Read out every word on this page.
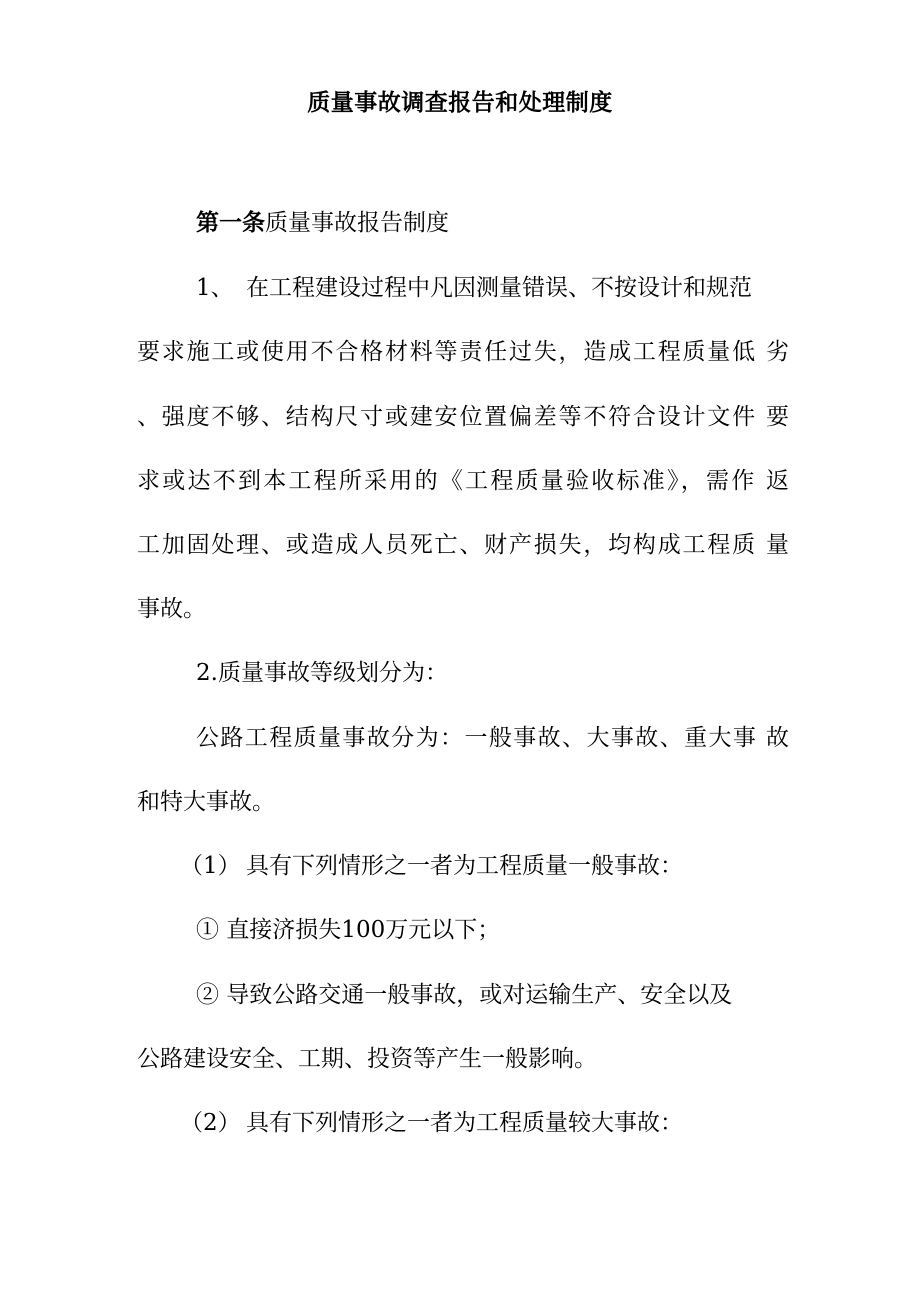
质量事故调查报告和处理制度
第一条质量事故报告制度
1、 在工程建设过程中凡因测量错误、不按设计和规范
要求施工或使用不合格材料等责任过失，造成工程质量低 劣
、强度不够、结构尺寸或建安位置偏差等不符合设计文件 要
求或达不到本工程所采用的《工程质量验收标准》，需作 返
工加固处理、或造成人员死亡、财产损失，均构成工程质 量
事故。
2.质量事故等级划分为：
公路工程质量事故分为：一般事故、大事故、重大事 故
和特大事故。
（1） 具有下列情形之一者为工程质量一般事故：
① 直接济损失100万元以下；
② 导致公路交通一般事故，或对运输生产、安全以及
公路建设安全、工期、投资等产生一般影响。
（2） 具有下列情形之一者为工程质量较大事故：
